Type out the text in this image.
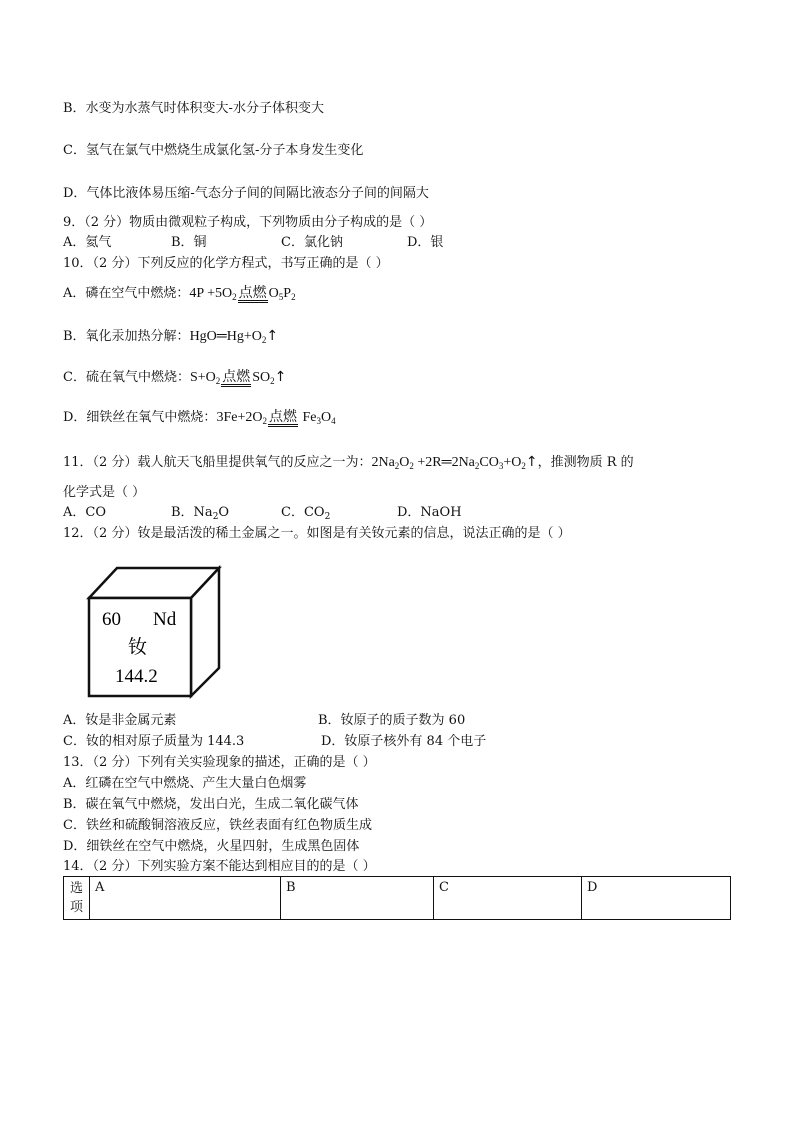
B．水变为水蒸气时体积变大-水分子体积变大
C．氢气在氯气中燃烧生成氯化氢-分子本身发生变化
D．气体比液体易压缩-气态分子间的间隔比液态分子间的间隔大
9．（2 分）物质由微观粒子构成，下列物质由分子构成的是（ ）
A．氦气	B．铜	C．氯化钠	D．银
10．（2 分）下列反应的化学方程式，书写正确的是（ ）
A．磷在空气中燃烧：$4P +5O_2$ 点燃 $O_5P_2$
B．氧化汞加热分解：$HgO═Hg+O_2↑$
C．硫在氧气中燃烧：$S+O_2$ 点燃 $SO_2↑$
D．细铁丝在氧气中燃烧：$3Fe+2O_2$ 点燃 $Fe_3O_4$
11．（2 分）载人航天飞船里提供氧气的反应之一为：$2Na_2O_2$ $+2R═2Na_2CO_3+O_2↑$，推测物质 R 的
化学式是（ ）
A．CO	B．$Na_2O$	C．$CO_2$	D．NaOH
12．（2 分）钕是最活泼的稀土金属之一。如图是有关钕元素的信息，说法正确的是（ ）
60 Nd
钕
144.2
A．钕是非金属元素	B．钕原子的质子数为 60
C．钕的相对原子质量为 144.3	D．钕原子核外有 84 个电子
13．（2 分）下列有关实验现象的描述，正确的是（ ）
A．红磷在空气中燃烧、产生大量白色烟雾
B．碳在氧气中燃烧，发出白光，生成二氧化碳气体
C．铁丝和硫酸铜溶液反应，铁丝表面有红色物质生成
D．细铁丝在空气中燃烧，火星四射，生成黑色固体
14．（2 分）下列实验方案不能达到相应目的的是（ ）
选
项	A	B	C	D
